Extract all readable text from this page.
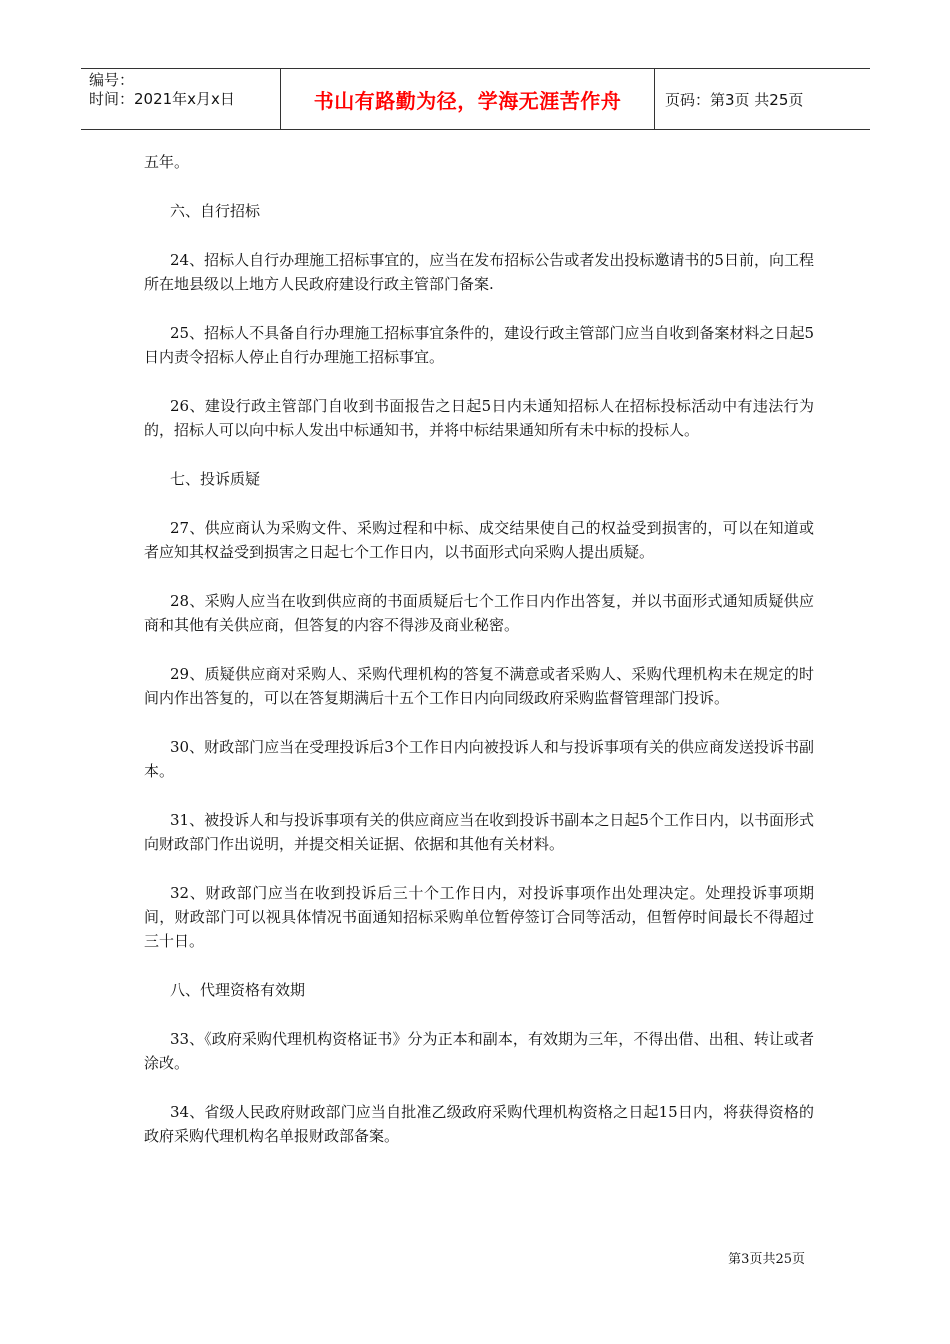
编号：
时间：2021年x月x日	书山有路勤为径，学海无涯苦作舟	页码：第3页 共25页

五年。

六、自行招标

24、招标人自行办理施工招标事宜的，应当在发布招标公告或者发出投标邀请书的5日前，向工程所在地县级以上地方人民政府建设行政主管部门备案.

25、招标人不具备自行办理施工招标事宜条件的，建设行政主管部门应当自收到备案材料之日起5日内责令招标人停止自行办理施工招标事宜。

26、建设行政主管部门自收到书面报告之日起5日内未通知招标人在招标投标活动中有违法行为的，招标人可以向中标人发出中标通知书，并将中标结果通知所有未中标的投标人。

七、投诉质疑

27、供应商认为采购文件、采购过程和中标、成交结果使自己的权益受到损害的，可以在知道或者应知其权益受到损害之日起七个工作日内，以书面形式向采购人提出质疑。

28、采购人应当在收到供应商的书面质疑后七个工作日内作出答复，并以书面形式通知质疑供应商和其他有关供应商，但答复的内容不得涉及商业秘密。

29、质疑供应商对采购人、采购代理机构的答复不满意或者采购人、采购代理机构未在规定的时间内作出答复的，可以在答复期满后十五个工作日内向同级政府采购监督管理部门投诉。

30、财政部门应当在受理投诉后3个工作日内向被投诉人和与投诉事项有关的供应商发送投诉书副本。

31、被投诉人和与投诉事项有关的供应商应当在收到投诉书副本之日起5个工作日内，以书面形式向财政部门作出说明，并提交相关证据、依据和其他有关材料。

32、财政部门应当在收到投诉后三十个工作日内，对投诉事项作出处理决定。处理投诉事项期间，财政部门可以视具体情况书面通知招标采购单位暂停签订合同等活动，但暂停时间最长不得超过三十日。

八、代理资格有效期

33、《政府采购代理机构资格证书》分为正本和副本，有效期为三年，不得出借、出租、转让或者涂改。

34、省级人民政府财政部门应当自批准乙级政府采购代理机构资格之日起15日内，将获得资格的政府采购代理机构名单报财政部备案。

第3页共25页
